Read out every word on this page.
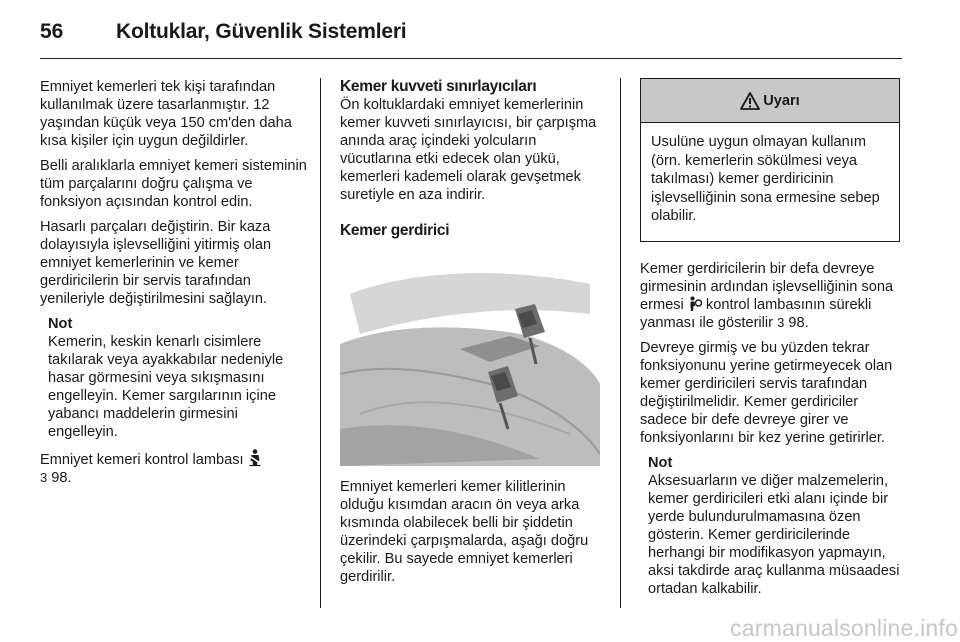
56	Koltuklar, Güvenlik Sistemleri

Emniyet kemerleri tek kişi tarafından kullanılmak üzere tasarlanmıştır. 12 yaşından küçük veya 150 cm'den daha kısa kişiler için uygun değildirler.

Belli aralıklarla emniyet kemeri sisteminin tüm parçalarını doğru çalışma ve fonksiyon açısından kontrol edin.

Hasarlı parçaları değiştirin. Bir kaza dolayısıyla işlevselliğini yitirmiş olan emniyet kemerlerinin ve kemer gerdiricilerin bir servis tarafından yenileriyle değiştirilmesini sağlayın.

Not
Kemerin, keskin kenarlı cisimlere takılarak veya ayakkabılar nedeniyle hasar görmesini veya sıkışmasını engelleyin. Kemer sargılarının içine yabancı maddelerin girmesini engelleyin.

Emniyet kemeri kontrol lambası
3 98.

Kemer kuvveti sınırlayıcıları

Ön koltuklardaki emniyet kemerlerinin kemer kuvveti sınırlayıcısı, bir çarpışma anında araç içindeki yolcuların vücutlarına etki edecek olan yükü, kemerleri kademeli olarak gevşetmek suretiyle en aza indirir.

Kemer gerdirici

Emniyet kemerleri kemer kilitlerinin olduğu kısımdan aracın ön veya arka kısmında olabilecek belli bir şiddetin üzerindeki çarpışmalarda, aşağı doğru çekilir. Bu sayede emniyet kemerleri gerdirilir.

Uyarı
Usulüne uygun olmayan kullanım (örn. kemerlerin sökülmesi veya takılması) kemer gerdiricinin işlevselliğinin sona ermesine sebep olabilir.

Kemer gerdiricilerin bir defa devreye girmesinin ardından işlevselliğinin sona ermesi kontrol lambasının sürekli yanması ile gösterilir 3 98.

Devreye girmiş ve bu yüzden tekrar fonksiyonunu yerine getirmeyecek olan kemer gerdiricileri servis tarafından değiştirilmelidir. Kemer gerdiriciler sadece bir defe devreye girer ve fonksiyonlarını bir kez yerine getirirler.

Not
Aksesuarların ve diğer malzemelerin, kemer gerdiricileri etki alanı içinde bir yerde bulundurulmamasına özen gösterin. Kemer gerdiricilerinde herhangi bir modifikasyon yapmayın, aksi takdirde araç kullanma müsaadesi ortadan kalkabilir.
carmanualsonline.info
